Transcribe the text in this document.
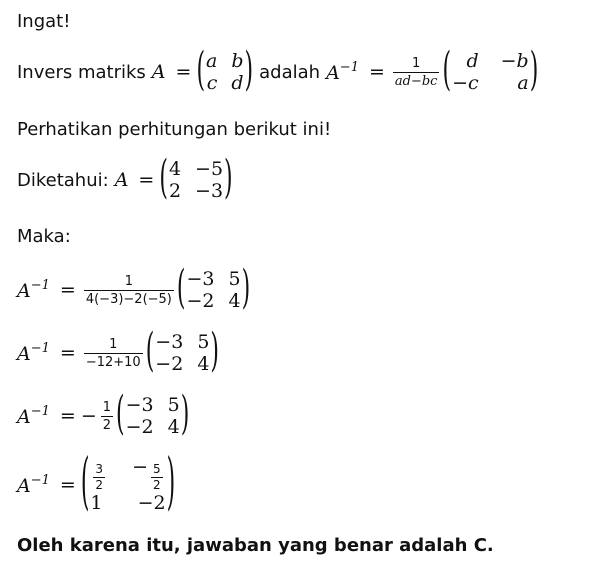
Ingat!
Invers matriks A = ( a b
c d ) adalah $A^{-1} = \frac{1}{ad-bc}$ ( d −b
−c	a )
Perhatikan perhitungan berikut ini!
Diketahui: A = ( 4 −5
2 −3 )
Maka:
$A^{-1} = \frac{1}{4(-3)-2(-5)}$ ( −3 5
−2 4 )
$A^{-1} = \frac{1}{-12+10}$ ( −3 5
−2 4 )
$A^{-1}$ = − $\frac{1}{2}$ ( −3 5
−2 4 )
$A^{-1}$ = ( $\frac{3}{2} - \frac{5}{2}$
1 −2 )
Oleh karena itu, jawaban yang benar adalah C.
